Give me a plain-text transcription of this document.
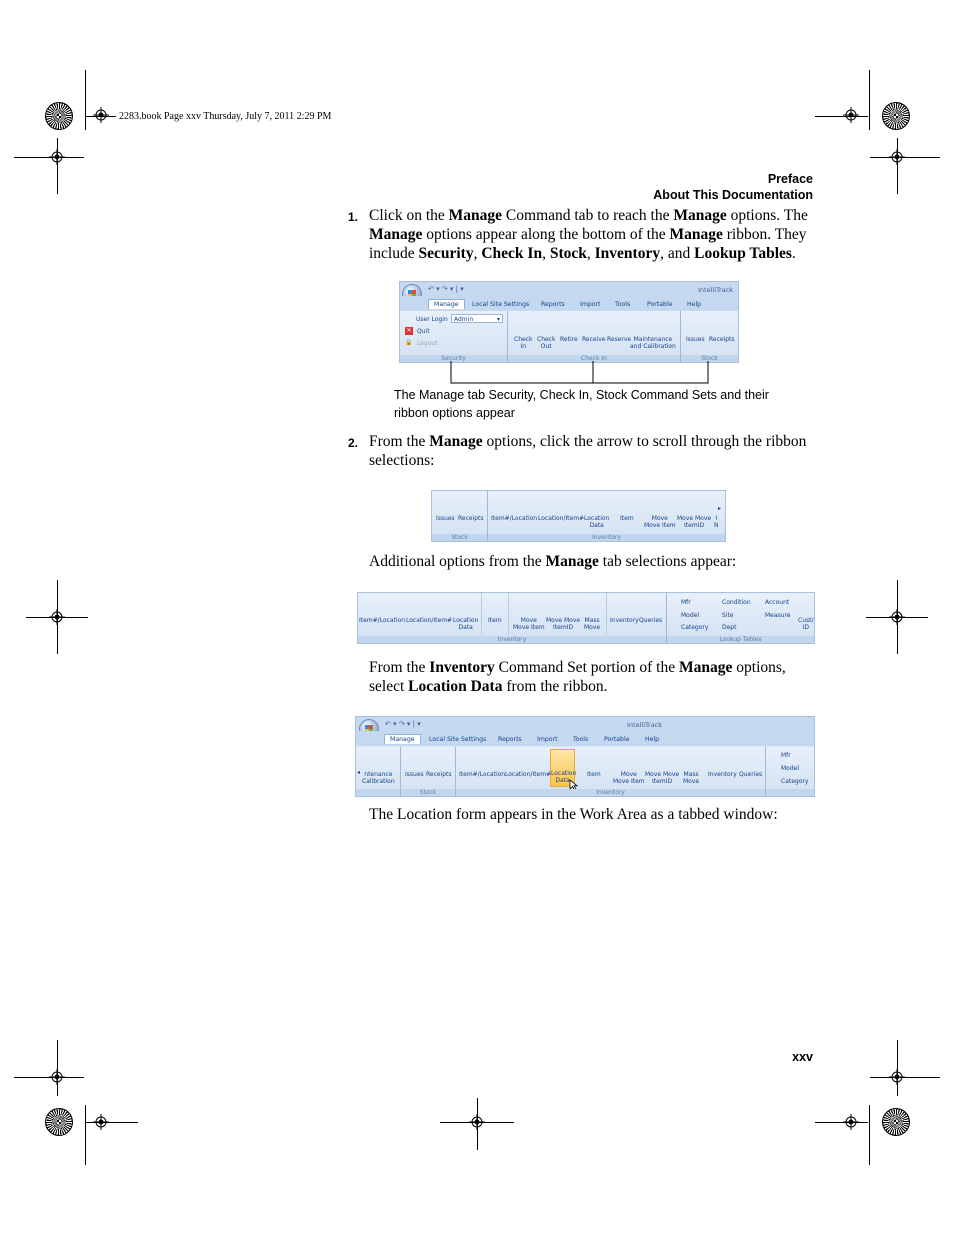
2283.book Page xxv Thursday, July 7, 2011 2:29 PM
Preface
About This Documentation
1. Click on the Manage Command tab to reach the Manage options. The Manage options appear along the bottom of the Manage ribbon. They include Security, Check In, Stock, Inventory, and Lookup Tables.
↶ ▾ ↷ ▾ | ▾	IntelliTrack
Manage	Local Site Settings Reports Import Tools	Portable Help
User Login	Admin	▾
✕ Quit
🔒 Logout
Security
Check
In
Check
Out
Retire Receive Reserve Maintenance
and Calibration
Check In
Issues Receipts
Stock
The Manage tab Security, Check In, Stock Command Sets and their
ribbon options appear
2. From the Manage options, click the arrow to scroll through the ribbon selections:
Issues Receipts
Stock
Item#/Location Location/Item# Location
Data
Item	Move
Move Item
Move Move
ItemID
I
N
▸
Inventory
Additional options from the Manage tab selections appear:
Item#/Location Location/Item# Location
Data
Item	Move
Move Item
Move Move
ItemID
Mass
Move
Inventory Queries
Inventory
Mfr
Model
Category
Condition
Site
Dept
Account
Measure

Cust/
ID
Lookup Tables
From the Inventory Command Set portion of the Manage options, select Location Data from the ribbon.
↶ ▾ ↷ ▾ | ▾	IntelliTrack
Manage	Local Site Settings Reports Import Tools	Portable Help
◂ ntenance
Calibration
Issues Receipts
Stock
Location
Data
Item#/Location Location/Item#	Item	Move
Move Item
Move Move
ItemID
Mass
Move
Inventory Queries
Inventory
Mfr
Model
Category
The Location form appears in the Work Area as a tabbed window:
xxv
